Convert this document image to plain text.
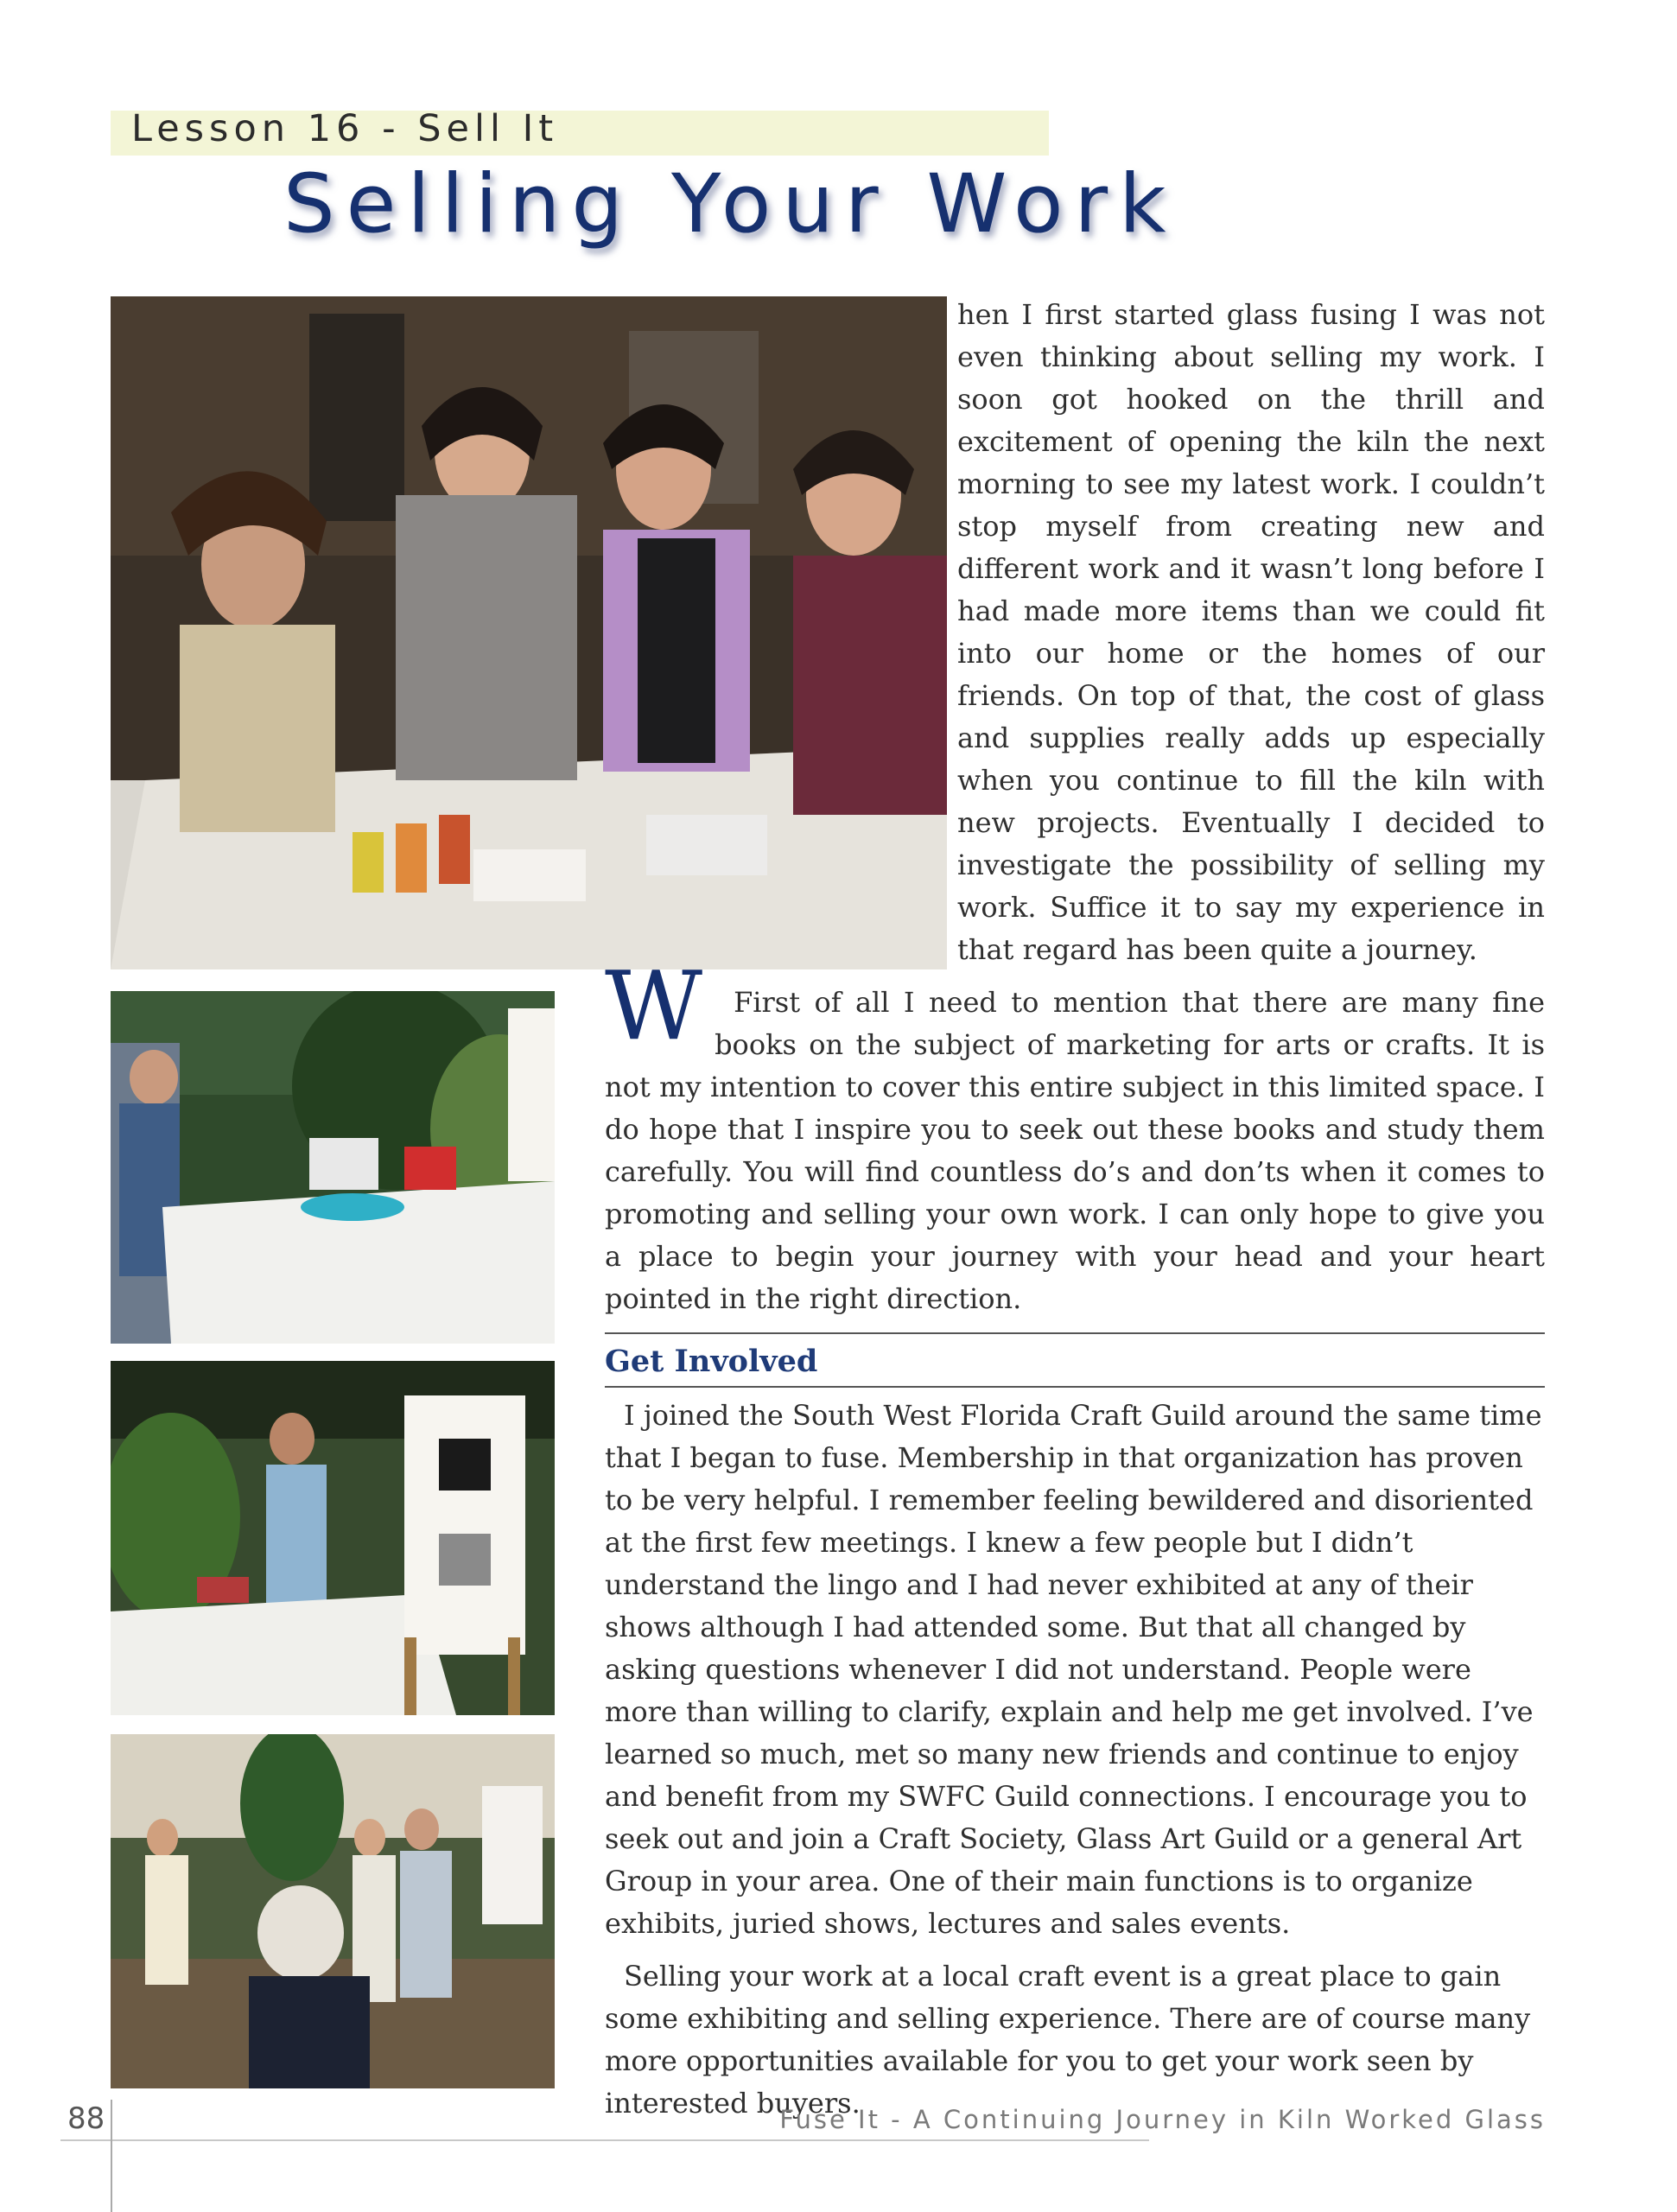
Lesson 16 - Sell It
Selling Your Work

W
hen I first started glass fusing I was not even thinking about selling my work. I soon got hooked on the thrill and excitement of opening the kiln the next morning to see my latest work. I couldn’t stop myself from creating new and different work and it wasn’t long before I had made more items than we could fit into our home or the homes of our friends. On top of that, the cost of glass and supplies really adds up especially when you continue to fill the kiln with new projects. Eventually I decided to investigate the possibility of selling my work. Suffice it to say my experience in that regard has been quite a journey.

First of all I need to mention that there are many fine books on the subject of marketing for arts or crafts. It is not my intention to cover this entire subject in this limited space. I do hope that I inspire you to seek out these books and study them carefully. You will find countless do’s and don’ts when it comes to promoting and selling your own work. I can only hope to give you a place to begin your journey with your head and your heart pointed in the right direction.

Get Involved

I joined the South West Florida Craft Guild around the same time that I began to fuse. Membership in that organization has proven to be very helpful. I remember feeling bewildered and disoriented at the first few meetings. I knew a few people but I didn’t understand the lingo and I had never exhibited at any of their shows although I had attended some. But that all changed by asking questions whenever I did not understand. People were more than willing to clarify, explain and help me get involved. I’ve learned so much, met so many new friends and continue to enjoy and benefit from my SWFC Guild connections. I encourage you to seek out and join a Craft Society, Glass Art Guild or a general Art Group in your area. One of their main functions is to organize exhibits, juried shows, lectures and sales events.

Selling your work at a local craft event is a great place to gain some exhibiting and selling experience. There are of course many more opportunities available for you to get your work seen by interested buyers.

88	Fuse It - A Continuing Journey in Kiln Worked Glass
